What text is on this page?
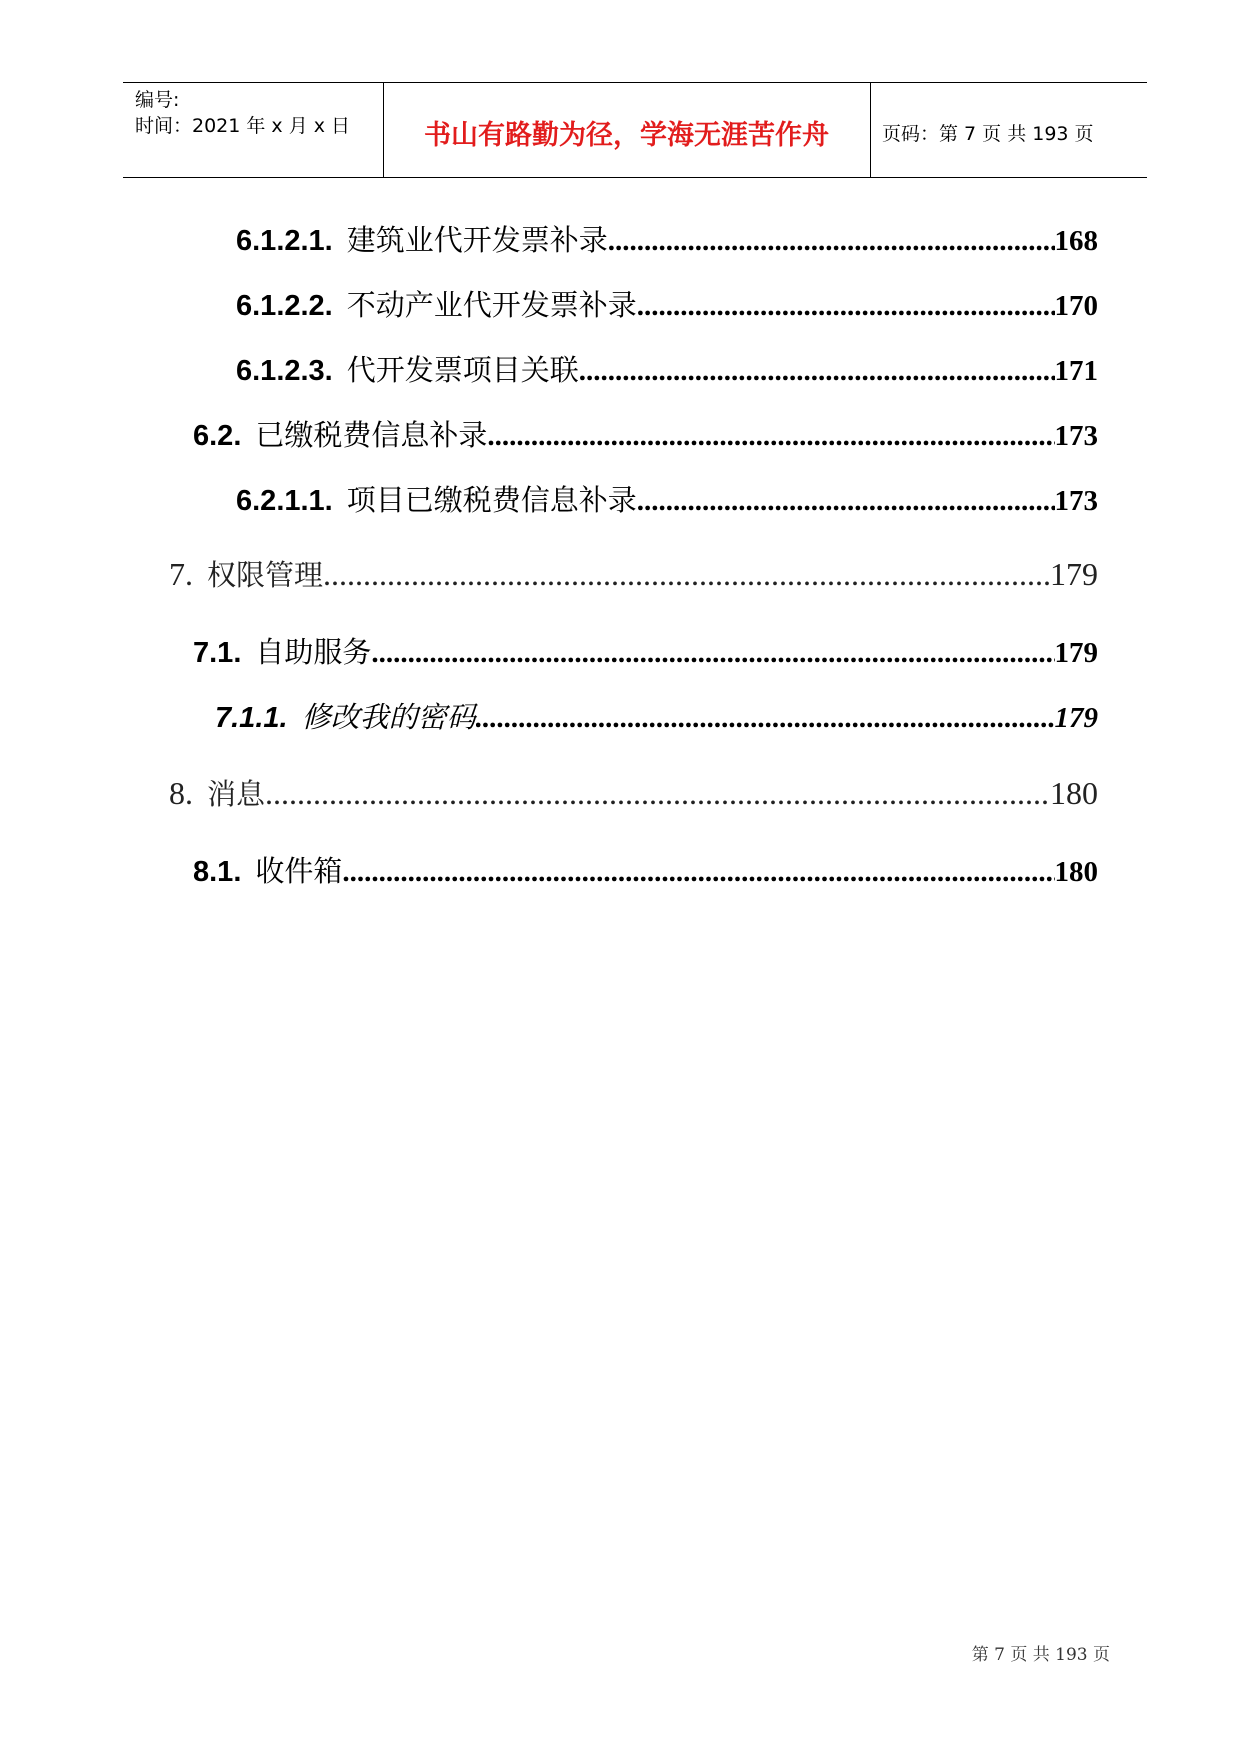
编号:
时间：2021 年 x 月 x 日	书山有路勤为径，学海无涯苦作舟	页码：第 7 页 共 193 页
6.1.2.1. 建筑业代开发票补录 .....	168
6.1.2.2. 不动产业代开发票补录 .....	170
6.1.2.3. 代开发票项目关联 .....	171
6.2. 已缴税费信息补录 .....	173
6.2.1.1. 项目已缴税费信息补录 .....	173
7. 权限管理 .....	179
7.1. 自助服务 .....	179
7.1.1. 修改我的密码 .....	179
8. 消息 .....	180
8.1. 收件箱 .....	180
第 7 页 共 193 页
